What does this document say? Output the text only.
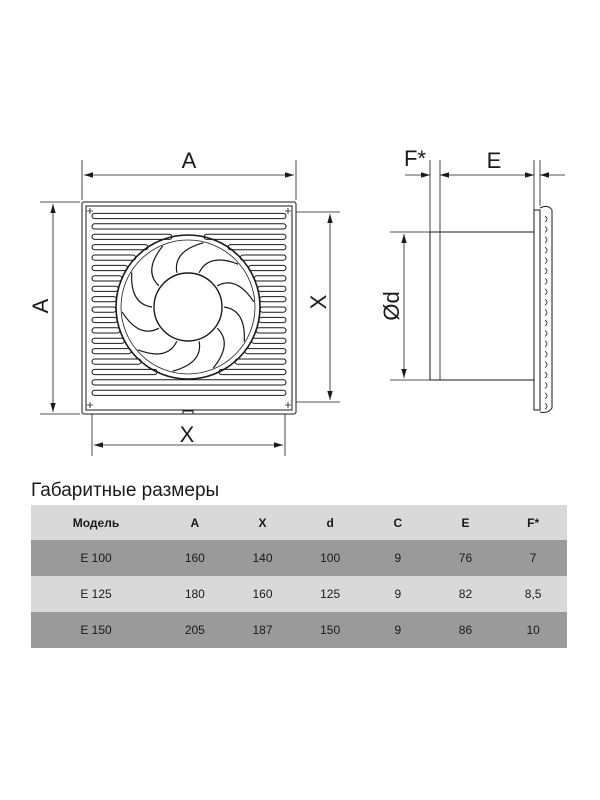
A
A	X
X
F*	E
Ød
Габаритные размеры
Модель	A	X	d	C	E	F*
E 100	160	140	100	9	76	7
E 125	180	160	125	9	82	8,5
E 150	205	187	150	9	86	10
